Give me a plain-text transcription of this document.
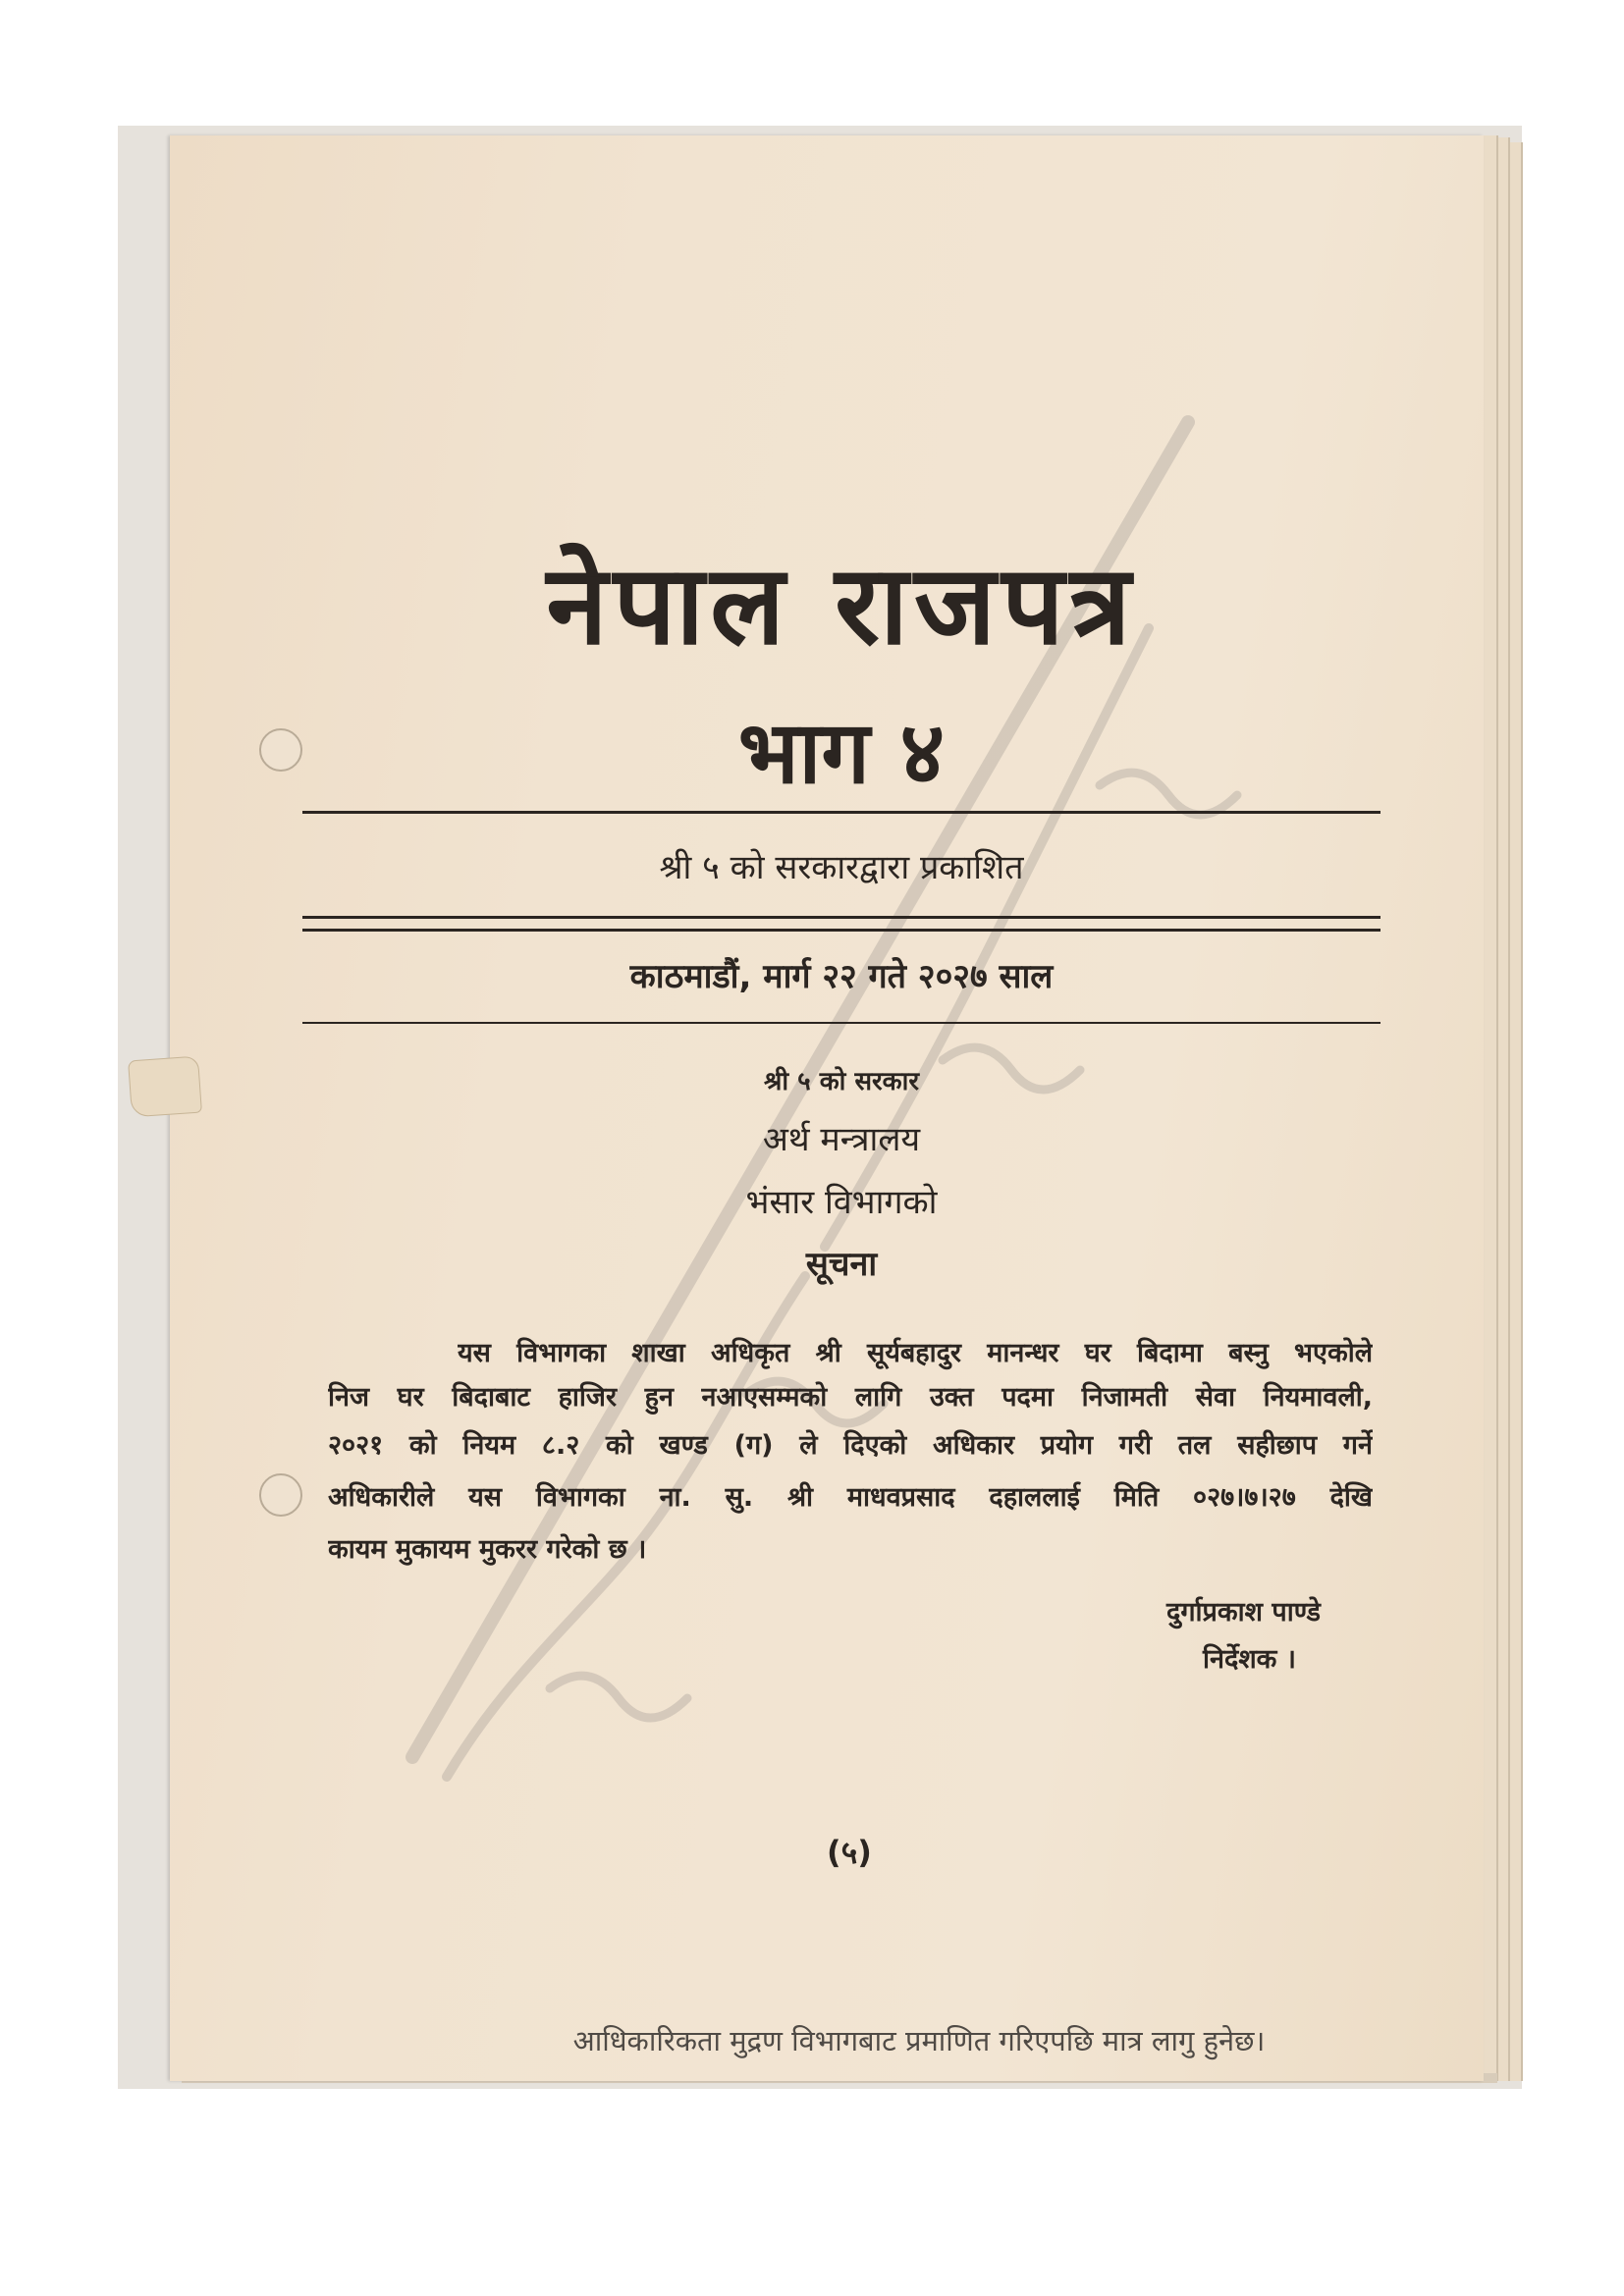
नेपाल राजपत्र
भाग ४
श्री ५ को सरकारद्वारा प्रकाशित
काठमाडौं, मार्ग २२ गते २०२७ साल
श्री ५ को सरकार
अर्थ मन्त्रालय
भंसार विभागको
सूचना
यस विभागका शाखा अधिकृत श्री सूर्यबहादुर मानन्धर घर बिदामा बस्नु भएकोले
निज घर बिदाबाट हाजिर हुन नआएसम्मको लागि उक्त पदमा निजामती सेवा नियमावली,
२०२१ को नियम ८.२ को खण्ड (ग) ले दिएको अधिकार प्रयोग गरी तल सहीछाप गर्ने
अधिकारीले यस विभागका ना. सु. श्री माधवप्रसाद दहाललाई मिति ०२७।७।२७ देखि
कायम मुकायम मुकरर गरेको छ ।
दुर्गाप्रकाश पाण्डे
निर्देशक ।
(५)
आधिकारिकता मुद्रण विभागबाट प्रमाणित गरिएपछि मात्र लागु हुनेछ।
